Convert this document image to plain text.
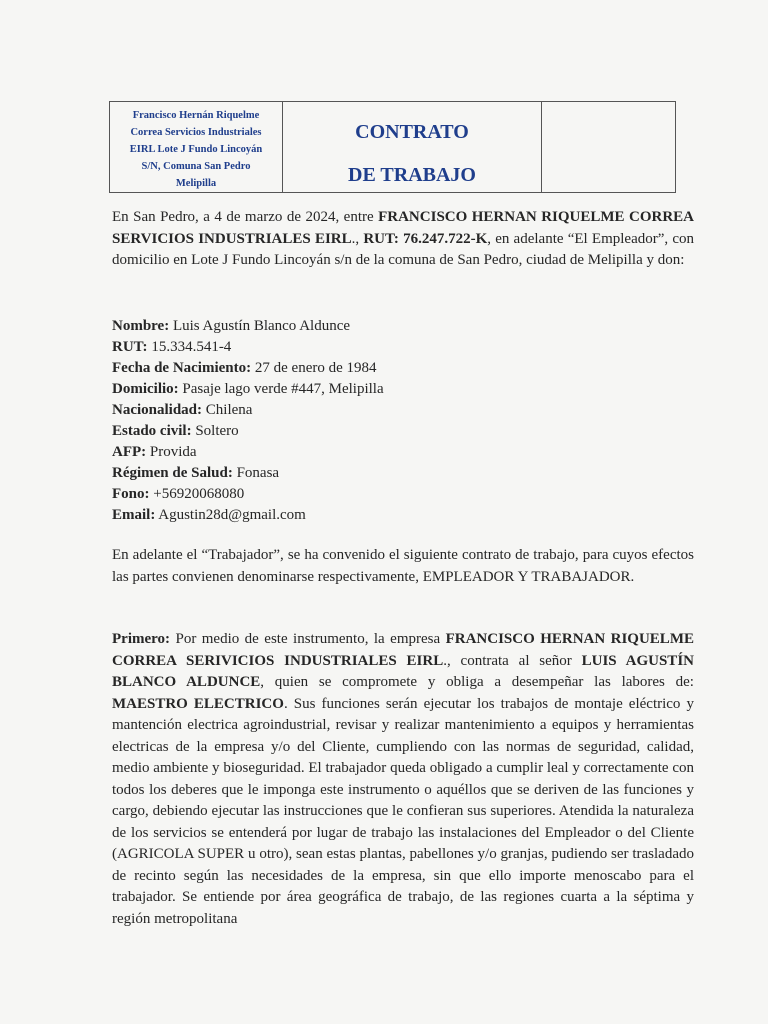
Francisco Hernán Riquelme
Correa Servicios Industriales
EIRL Lote J Fundo Lincoyán
S/N, Comuna San Pedro
Melipilla
CONTRATO
DE TRABAJO
En San Pedro, a 4 de marzo de 2024, entre FRANCISCO HERNAN RIQUELME CORREA SERVICIOS INDUSTRIALES EIRL., RUT: 76.247.722-K, en adelante “El Empleador”, con domicilio en Lote J Fundo Lincoyán s/n de la comuna de San Pedro, ciudad de Melipilla y don:
Nombre: Luis Agustín Blanco Aldunce
RUT: 15.334.541-4
Fecha de Nacimiento: 27 de enero de 1984
Domicilio: Pasaje lago verde #447, Melipilla
Nacionalidad: Chilena
Estado civil: Soltero
AFP: Provida
Régimen de Salud: Fonasa
Fono: +56920068080
Email: Agustin28d@gmail.com
En adelante el “Trabajador”, se ha convenido el siguiente contrato de trabajo, para cuyos efectos las partes convienen denominarse respectivamente, EMPLEADOR Y TRABAJADOR.
Primero: Por medio de este instrumento, la empresa FRANCISCO HERNAN RIQUELME CORREA SERIVICIOS INDUSTRIALES EIRL., contrata al señor LUIS AGUSTÍN BLANCO ALDUNCE, quien se compromete y obliga a desempeñar las labores de: MAESTRO ELECTRICO. Sus funciones serán ejecutar los trabajos de montaje eléctrico y mantención electrica agroindustrial, revisar y realizar mantenimiento a equipos y herramientas electricas de la empresa y/o del Cliente, cumpliendo con las normas de seguridad, calidad, medio ambiente y bioseguridad. El trabajador queda obligado a cumplir leal y correctamente con todos los deberes que le imponga este instrumento o aquéllos que se deriven de las funciones y cargo, debiendo ejecutar las instrucciones que le confieran sus superiores. Atendida la naturaleza de los servicios se entenderá por lugar de trabajo las instalaciones del Empleador o del Cliente (AGRICOLA SUPER u otro), sean estas plantas, pabellones y/o granjas, pudiendo ser trasladado de recinto según las necesidades de la empresa, sin que ello importe menoscabo para el trabajador. Se entiende por área geográfica de trabajo, de las regiones cuarta a la séptima y región metropolitana
